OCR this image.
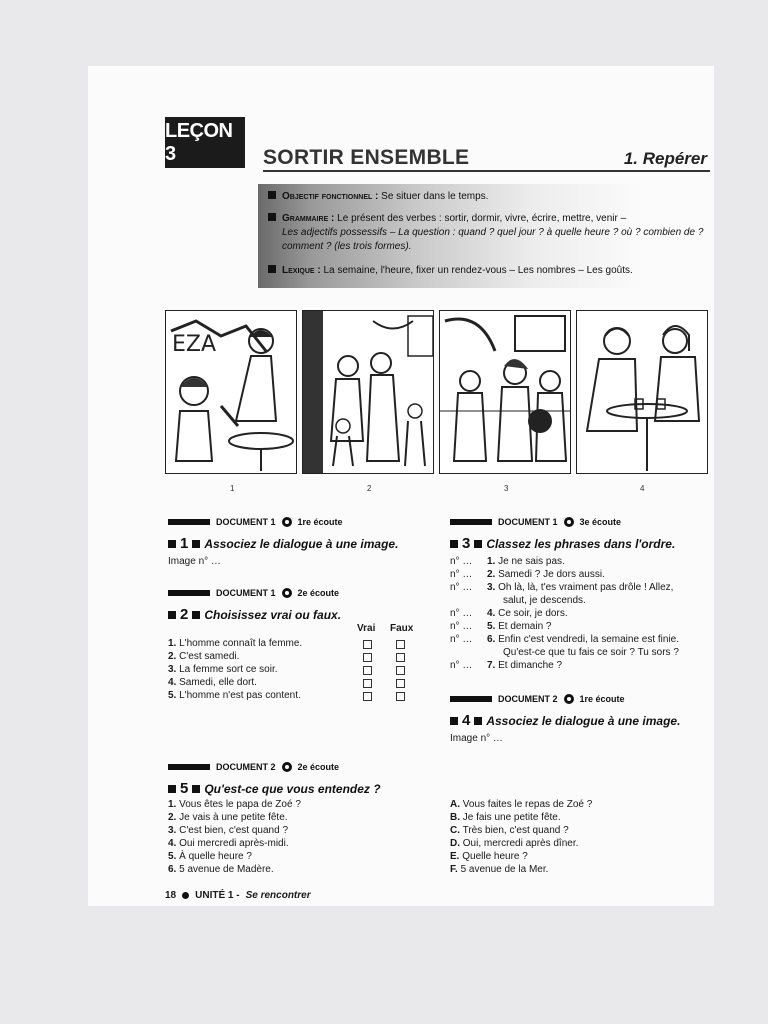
LEÇON 3	SORTIR ENSEMBLE	1. Repérer
Objectif fonctionnel : Se situer dans le temps.
Grammaire : Le présent des verbes : sortir, dormir, vivre, écrire, mettre, venir –
Les adjectifs possessifs – La question : quand ? quel jour ? à quelle heure ? où ? combien de ?
comment ? (les trois formes).
Lexique : La semaine, l'heure, fixer un rendez-vous – Les nombres – Les goûts.
EZA
1	2	3	4
DOCUMENT 1 1re écoute
1 Associez le dialogue à une image.
Image n° …
DOCUMENT 1 2e écoute
2 Choisissez vrai ou faux.
Vrai Faux
1. L'homme connaît la femme.
2. C'est samedi.
3. La femme sort ce soir.
4. Samedi, elle dort.
5. L'homme n'est pas content.
DOCUMENT 1 3e écoute
3 Classez les phrases dans l'ordre.
n° … 1. Je ne sais pas.
n° … 2. Samedi ? Je dors aussi.
n° … 3. Oh là, là, t'es vraiment pas drôle ! Allez,
salut, je descends.
n° … 4. Ce soir, je dors.
n° … 5. Et demain ?
n° … 6. Enfin c'est vendredi, la semaine est finie.
Qu'est-ce que tu fais ce soir ? Tu sors ?
n° … 7. Et dimanche ?
DOCUMENT 2 1re écoute
4 Associez le dialogue à une image.
Image n° …
DOCUMENT 2 2e écoute
5 Qu'est-ce que vous entendez ?
1. Vous êtes le papa de Zoé ?
2. Je vais à une petite fête.
3. C'est bien, c'est quand ?
4. Oui mercredi après-midi.
5. À quelle heure ?
6. 5 avenue de Madère.
A. Vous faites le repas de Zoé ?
B. Je fais une petite fête.
C. Très bien, c'est quand ?
D. Oui, mercredi après dîner.
E. Quelle heure ?
F. 5 avenue de la Mer.
18 UNITÉ 1 - Se rencontrer
